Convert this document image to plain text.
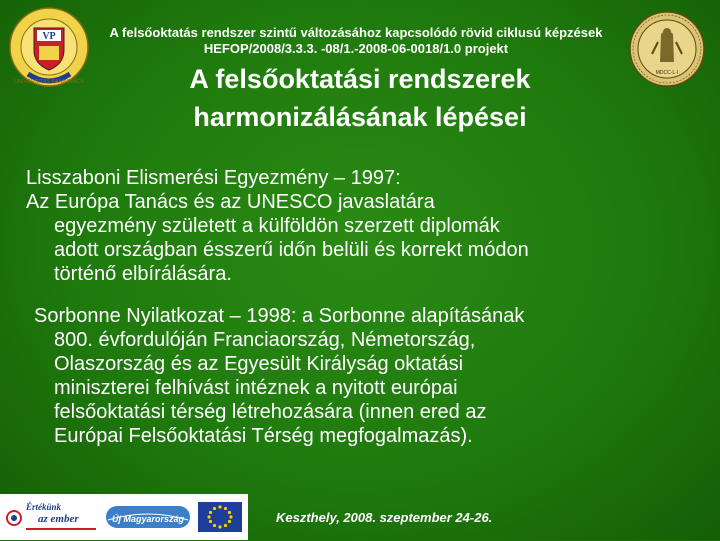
VP
UNIVERSITAS PANNONICA
MDCC·L·I
A felsőoktatás rendszer szintű változásához kapcsolódó rövid ciklusú képzések
HEFOP/2008/3.3.3. -08/1.-2008-06-0018/1.0 projekt
A felsőoktatási rendszerek
harmonizálásának lépései
Lisszaboni Elismerési Egyezmény – 1997:
Az Európa Tanács és az UNESCO javaslatára
egyezmény született a külföldön szerzett diplomák
adott országban ésszerű időn belüli és korrekt módon
történő elbírálására.
Sorbonne Nyilatkozat – 1998: a Sorbonne alapításának
800. évfordulóján Franciaország, Németország,
Olaszország és az Egyesült Királyság oktatási
miniszterei felhívást intéznek a nyitott európai
felsőoktatási térség létrehozására (innen ered az
Európai Felsőoktatási Térség megfogalmazás).
Értékünk
az ember	Új Magyarország	Keszthely, 2008. szeptember 24-26.
